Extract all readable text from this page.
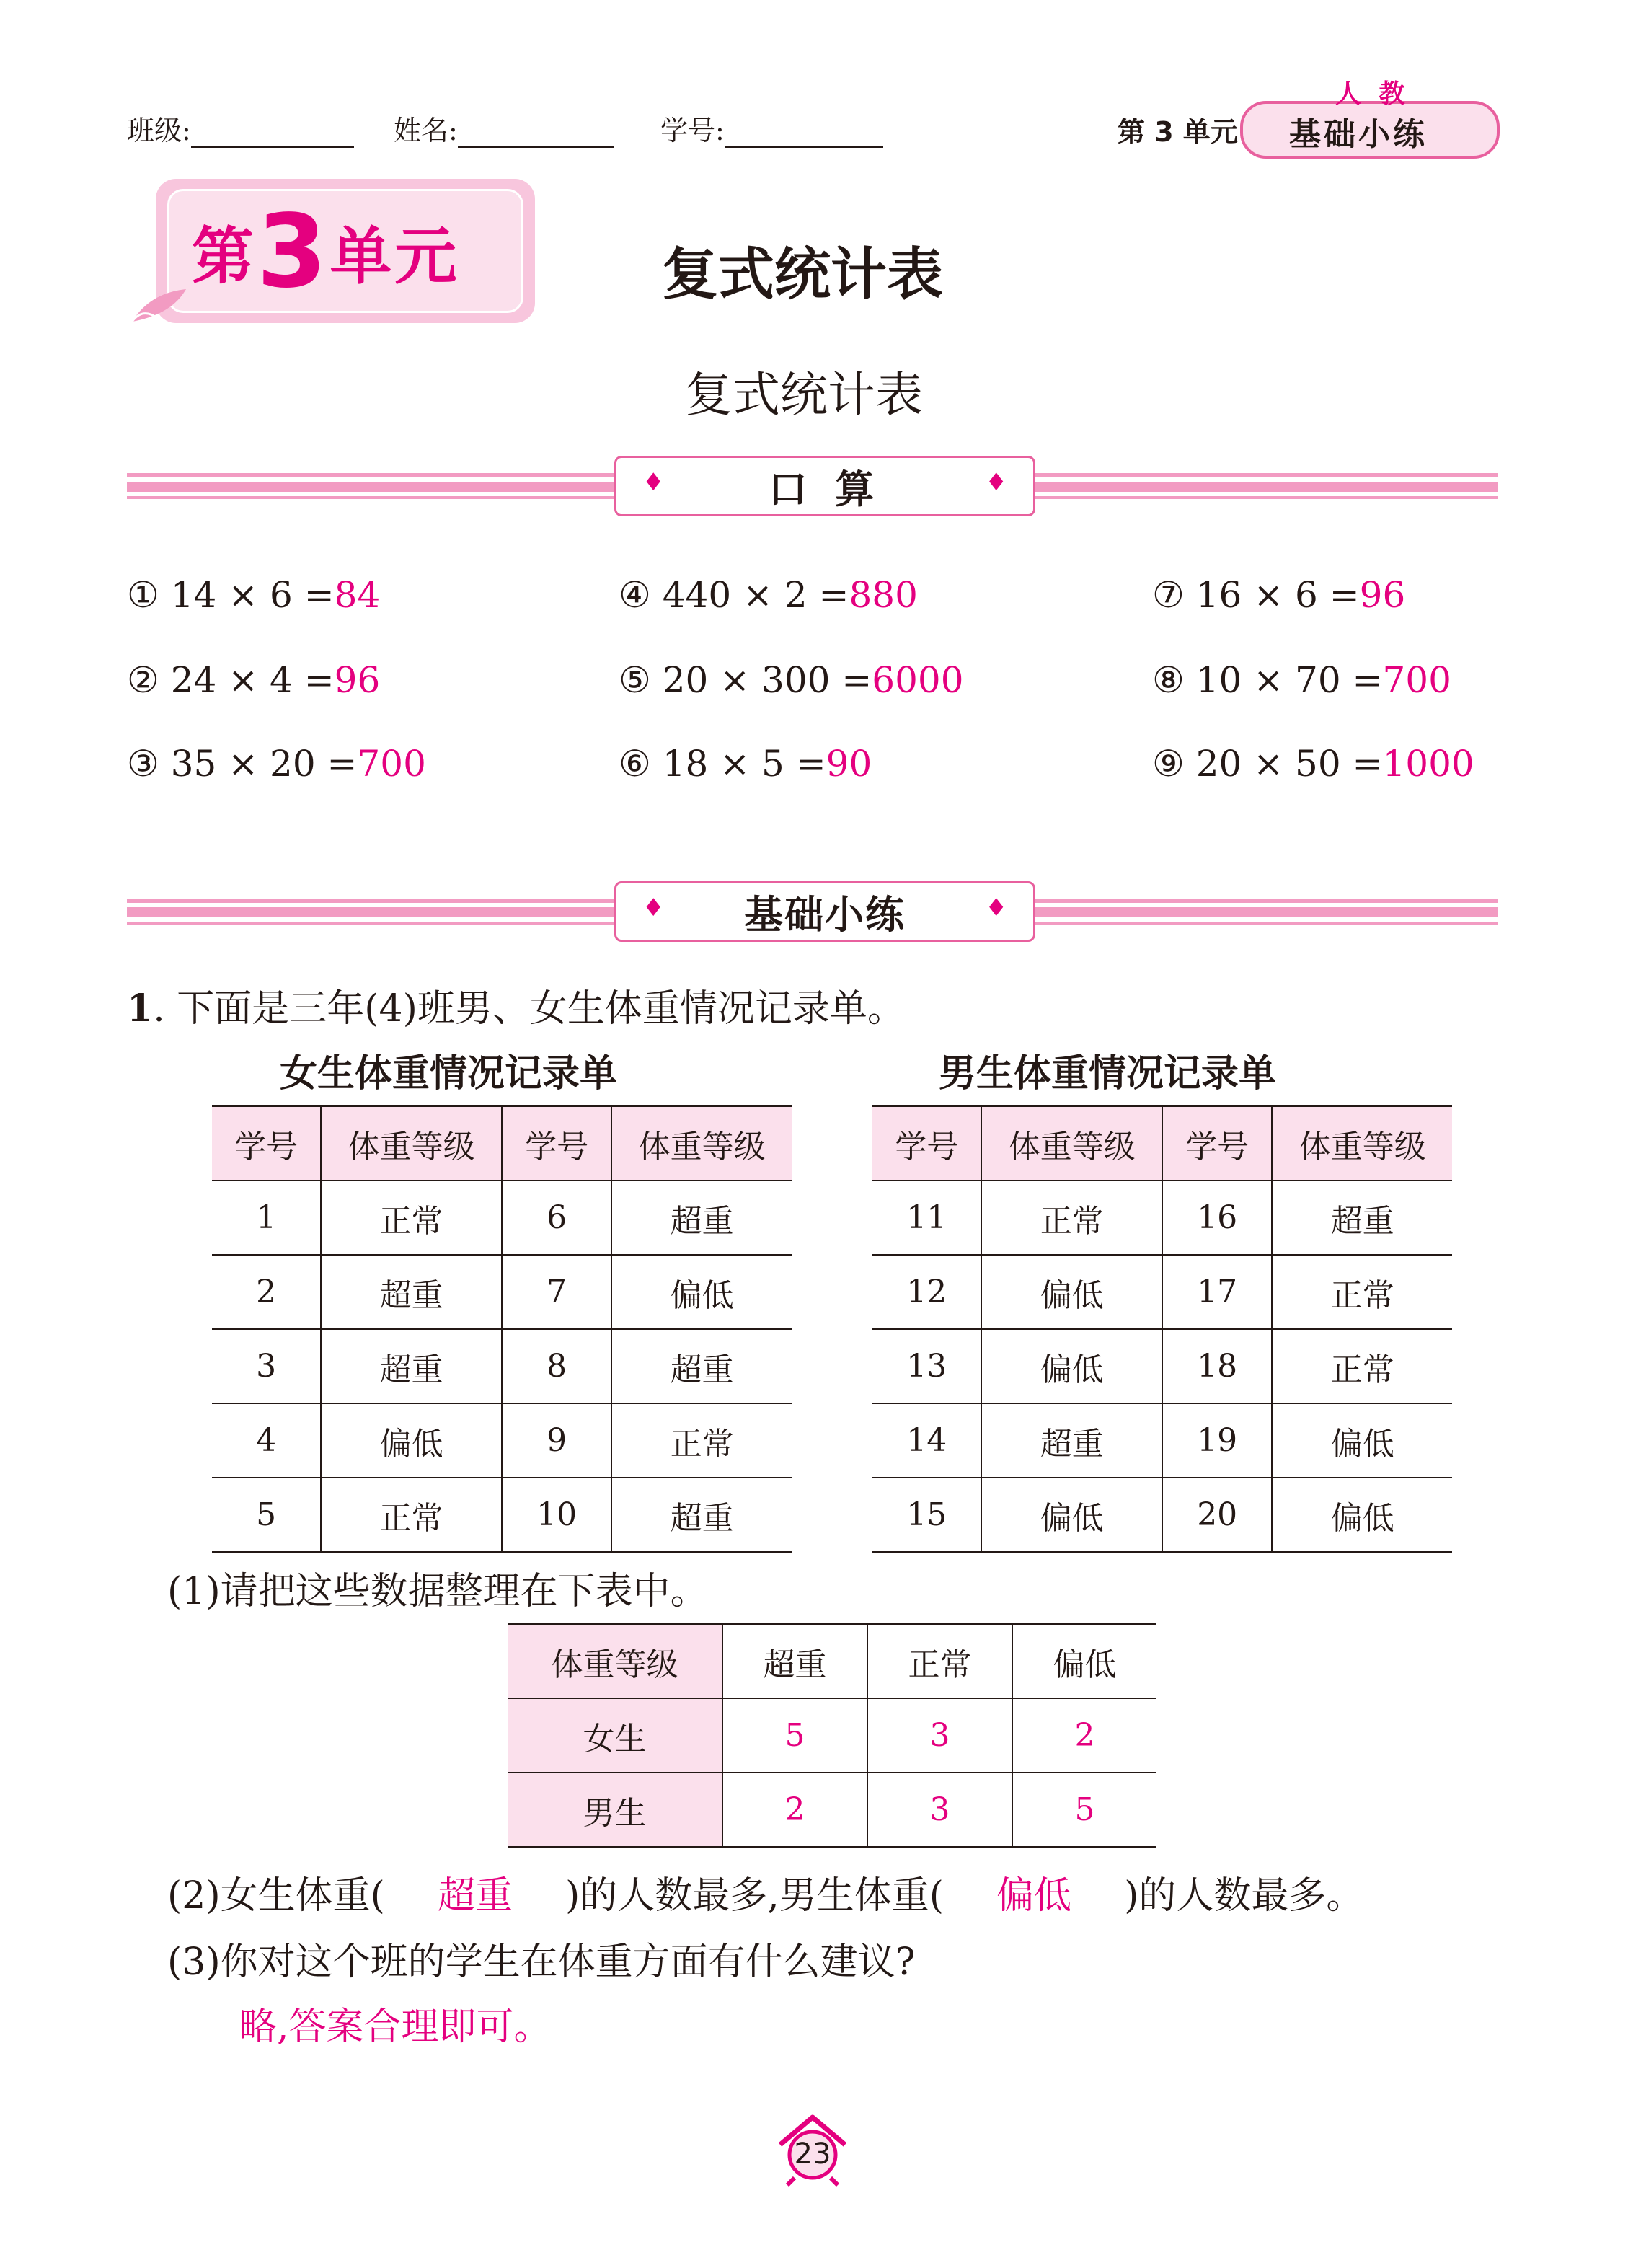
班级:	姓名:	学号:	第 3 单元
人 教
基础小练
第3单元	复式统计表
复式统计表
♦	口 算	♦
① 14 × 6 =84	④ 440 × 2 =880	⑦ 16 × 6 =96
② 24 × 4 =96	⑤ 20 × 300 =6000	⑧ 10 × 70 =700
③ 35 × 20 =700	⑥ 18 × 5 =90	⑨ 20 × 50 =1000
♦ 基础小练	♦
1. 下面是三年(4)班男、女生体重情况记录单。
女生体重情况记录单	男生体重情况记录单
学号	体重等级	学号	体重等级
1	正常	6	超重
2	超重	7	偏低
3	超重	8	超重
4	偏低	9	正常
5	正常	10	超重
学号	体重等级	学号	体重等级
11	正常	16	超重
12	偏低	17	正常
13	偏低	18	正常
14	超重	19	偏低
15	偏低	20	偏低
(1)请把这些数据整理在下表中。
体重等级	超重	正常	偏低
女生	5	3	2
男生	2	3	5
(2)女生体重( 超重 )的人数最多,男生体重( 偏低 )的人数最多。
(3)你对这个班的学生在体重方面有什么建议?
略,答案合理即可。
23
